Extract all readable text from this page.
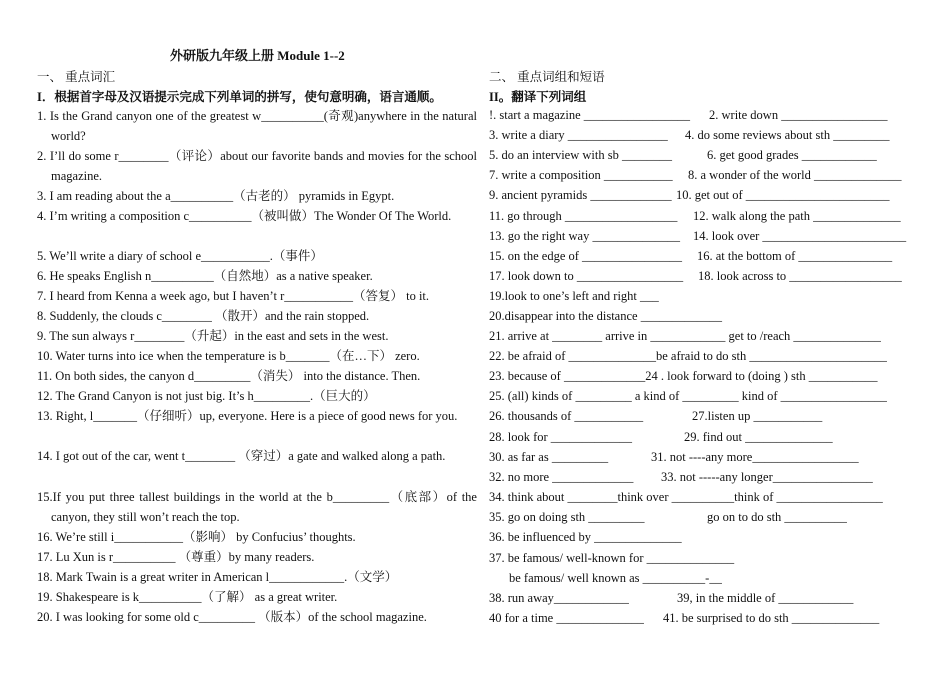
外研版九年级上册 Module 1--2
一、 重点词汇
I．根据首字母及汉语提示完成下列单词的拼写，使句意明确，语言通顺。
1. Is the Grand canyon one of the greatest w__________(奇观)anywhere in the natural world?
2. I’ll do some r________（评论）about our favorite bands and movies for the school magazine.
3. I am reading about the a__________（古老的） pyramids in Egypt.
4. I’m writing a composition c__________（被叫做）The Wonder Of The World.
5. We’ll write a diary of school e___________.（事件）
6. He speaks English n__________（自然地）as a native speaker.
7. I heard from Kenna a week ago, but I haven’t r___________（答复） to it.
8. Suddenly, the clouds c________ （散开）and the rain stopped.
9. The sun always r________（升起）in the east and sets in the west.
10. Water turns into ice when the temperature is b_______（在…下） zero.
11. On both sides, the canyon d_________（消失） into the distance. Then.
12. The Grand Canyon is not just big. It’s h_________.（巨大的）
13. Right, l_______（仔细听）up, everyone. Here is a piece of good news for you.
14. I got out of the car, went t________ （穿过）a gate and walked along a path.
15.If you put three tallest buildings in the world at the b_________（底部）of the canyon, they still won’t reach the top.
16. We’re still i___________（影响） by Confucius’ thoughts.
17. Lu Xun is r__________ （尊重）by many readers.
18. Mark Twain is a great writer in American l____________.（文学）
19. Shakespeare is k__________（了解） as a great writer.
20. I was looking for some old c_________ （版本）of the school magazine.
二、 重点词组和短语
II。翻译下列词组
!. start a magazine _________________ 2. write down _________________
3. write a diary ________________ 4. do some reviews about sth _________
5. do an interview with sb ________	6. get good grades ____________
7. write a composition ___________ 8. a wonder of the world ______________
9. ancient pyramids _____________ 10. get out of _______________________
11. go through __________________ 12. walk along the path ______________
13. go the right way ______________ 14. look over _______________________
15. on the edge of ________________ 16. at the bottom of _______________
17. look down to _________________ 18. look across to __________________
19.look to one’s left and right ___
20.disappear into the distance _____________
21. arrive at ________ arrive in ____________ get to /reach ______________
22. be afraid of ______________be afraid to do sth ______________________
23. because of _____________24 . look forward to (doing ) sth ___________
25. (all) kinds of _________ a kind of _________ kind of _________________
26. thousands of ___________	27.listen up ___________
28. look for _____________	29. find out ______________
30. as far as _________	31. not ----any more_________________
32. no more _____________ 33. not -----any longer________________
34. think about ________think over __________think of _________________
35. go on doing sth _________	go on to do sth __________
36. be influenced by ______________
37. be famous/ well-known for ______________
be famous/ well known as __________-__
38. run away____________	39, in the middle of ____________
40 for a time ______________ 41. be surprised to do sth ______________
